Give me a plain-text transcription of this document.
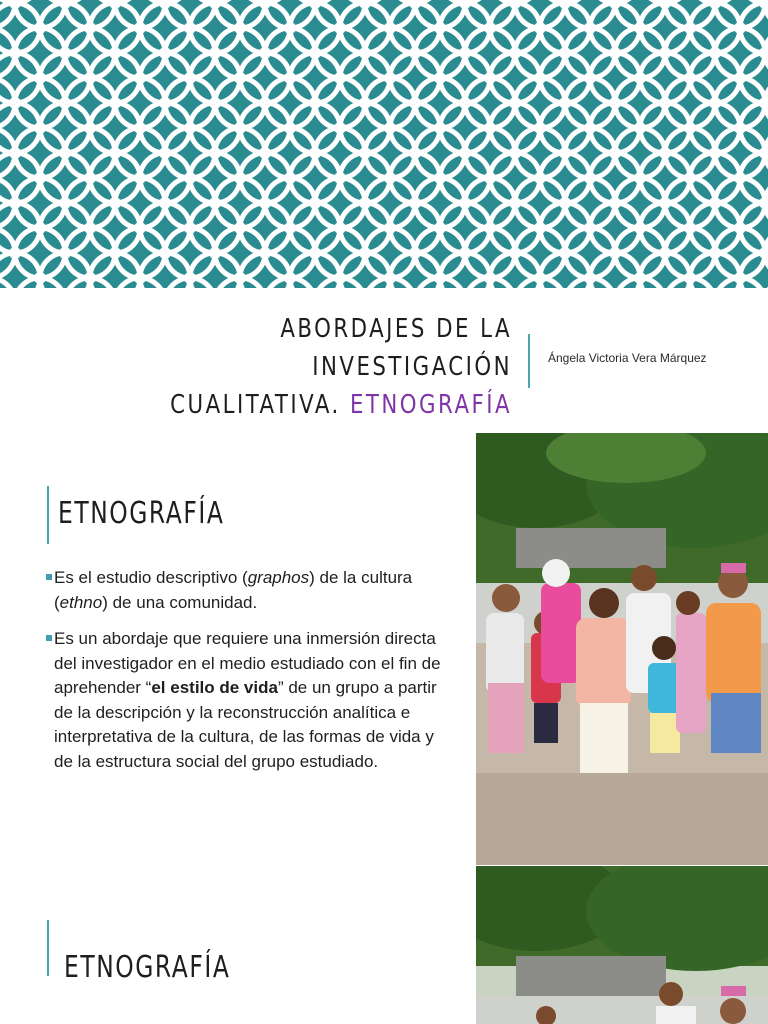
ABORDAJES DE LA INVESTIGACIÓN
CUALITATIVA. ETNOGRAFÍA
Ángela Victoria Vera Márquez
ETNOGRAFÍA
Es el estudio descriptivo (graphos) de la cultura (ethno) de una comunidad.
Es un abordaje que requiere una inmersión directa del investigador en el medio estudiado con el fin de aprehender “el estilo de vida” de un grupo a partir de la descripción y la reconstrucción analítica e interpretativa de la cultura, de las formas de vida y de la estructura social del grupo estudiado.
ETNOGRAFÍA
